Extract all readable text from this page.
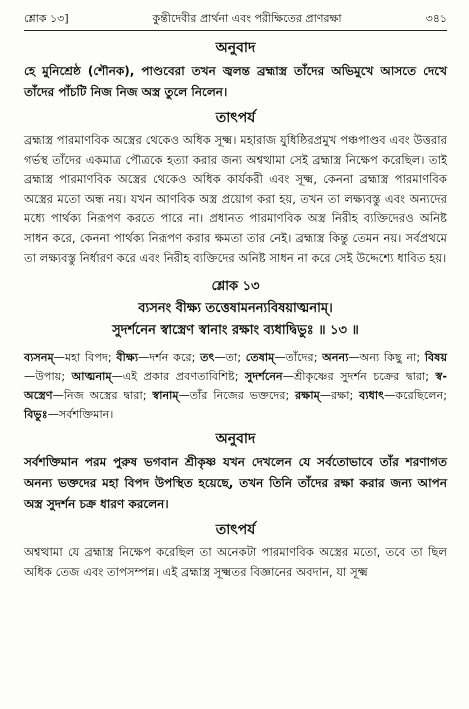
শ্লোক ১৩]	কুন্তীদেবীর প্রার্থনা এবং পরীক্ষিতের প্রাণরক্ষা	৩৪১
অনুবাদ

হে মুনিশ্রেষ্ঠ (শৌনক), পাণ্ডবেরা তখন জ্বলন্ত ব্রহ্মাস্ত্র তাঁদের অভিমুখে আসতে দেখে তাঁদের পাঁচটি নিজ নিজ অস্ত্র তুলে নিলেন।

তাৎপর্য

ব্রহ্মাস্ত্র পারমাণবিক অস্ত্রের থেকেও অধিক সূক্ষ্ম। মহারাজ যুধিষ্ঠিরপ্রমুখ পঞ্চপাণ্ডব এবং উত্তরার গর্ভস্থ তাঁদের একমাত্র পৌত্রকে হত্যা করার জন্য অশ্বত্থামা সেই ব্রহ্মাস্ত্র নিক্ষেপ করেছিল। তাই ব্রহ্মাস্ত্র পারমাণবিক অস্ত্রের থেকেও অধিক কার্যকরী এবং সূক্ষ্ম, কেননা ব্রহ্মাস্ত্র পারমাণবিক অস্ত্রের মতো অন্ধ নয়। যখন আণবিক অস্ত্র প্রয়োগ করা হয়, তখন তা লক্ষ্যবস্তু এবং অন্যদের মধ্যে পার্থক্য নিরূপণ করতে পারে না। প্রধানত পারমাণবিক অস্ত্র নিরীহ ব্যক্তিদেরও অনিষ্ট সাধন করে, কেননা পার্থক্য নিরূপণ করার ক্ষমতা তার নেই। ব্রহ্মাস্ত্র কিন্তু তেমন নয়। সর্বপ্রথমে তা লক্ষ্যবস্তু নির্ধারণ করে এবং নিরীহ ব্যক্তিদের অনিষ্ট সাধন না করে সেই উদ্দেশ্যে ধাবিত হয়।

শ্লোক ১৩
ব্যসনং বীক্ষ্য তত্তেষামনন্যবিষয়াত্মনাম্।
সুদর্শনেন স্বাস্ত্রেণ স্বানাং রক্ষাং ব্যধাদ্বিভুঃ ॥ ১৩ ॥

ব্যসনম্—মহা বিপদ; বীক্ষ্য—দর্শন করে; তৎ—তা; তেষাম্—তাঁদের; অনন্য—অন্য কিছু না; বিষয়—উপায়; আত্মনাম্—এই প্রকার প্রবণতাবিশিষ্ট; সুদর্শনেন—শ্রীকৃষ্ণের সুদর্শন চক্রের দ্বারা; স্ব-অস্ত্রেণ—নিজ অস্ত্রের দ্বারা; স্বানাম্—তাঁর নিজের ভক্তদের; রক্ষাম্—রক্ষা; ব্যধাৎ—করেছিলেন; বিভুঃ—সর্বশক্তিমান।

অনুবাদ

সর্বশক্তিমান পরম পুরুষ ভগবান শ্রীকৃষ্ণ যখন দেখলেন যে সর্বতোভাবে তাঁর শরণাগত অনন্য ভক্তদের মহা বিপদ উপস্থিত হয়েছে, তখন তিনি তাঁদের রক্ষা করার জন্য আপন অস্ত্র সুদর্শন চক্র ধারণ করলেন।

তাৎপর্য

অশ্বত্থামা যে ব্রহ্মাস্ত্র নিক্ষেপ করেছিল তা অনেকটা পারমাণবিক অস্ত্রের মতো, তবে তা ছিল অধিক তেজ এবং তাপসম্পন্ন। এই ব্রহ্মাস্ত্র সূক্ষ্মতর বিজ্ঞানের অবদান, যা সূক্ষ্ম
